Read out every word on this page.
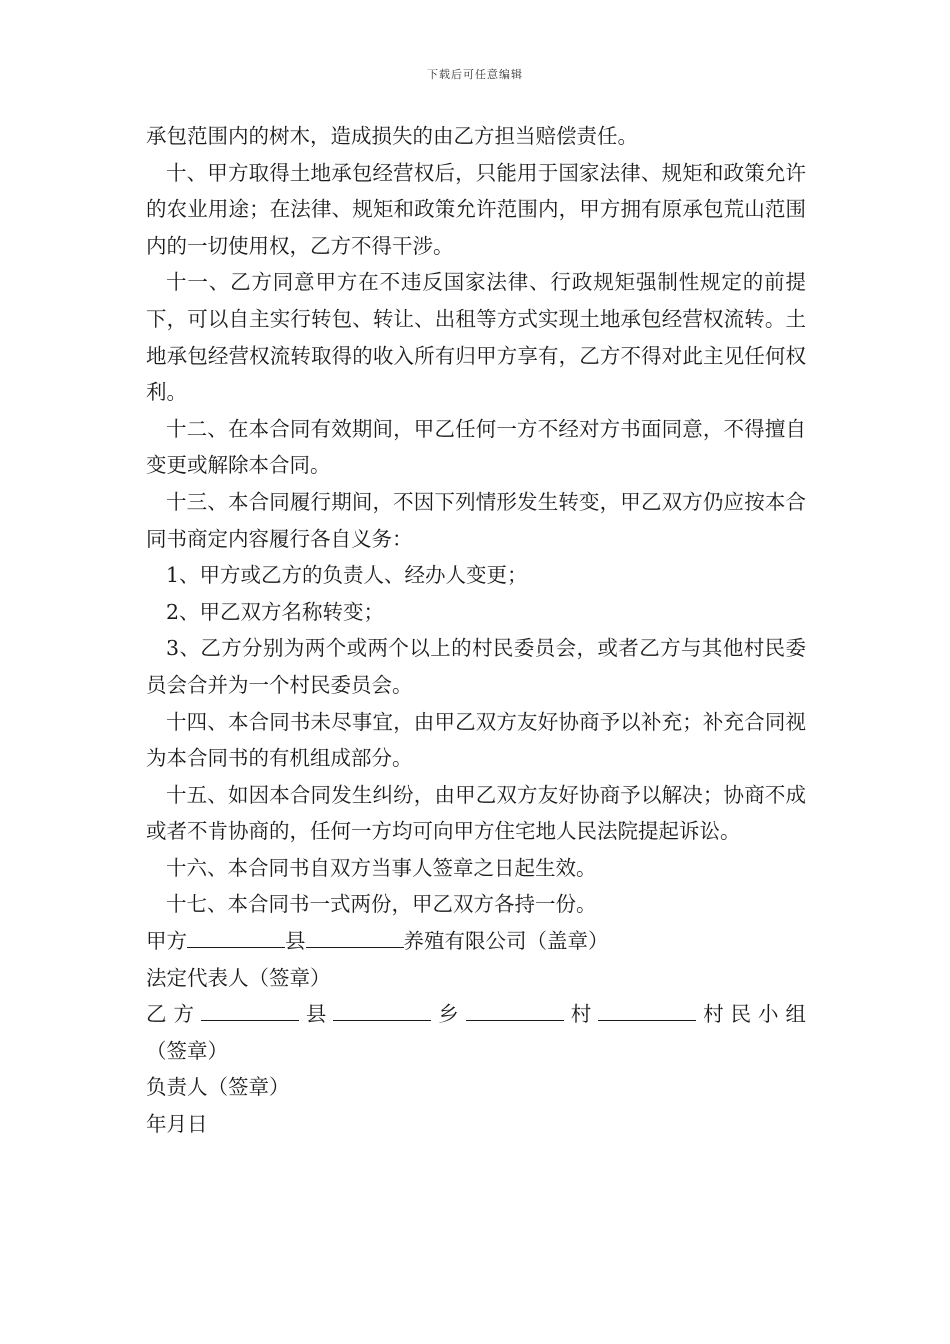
下载后可任意编辑

承包范围内的树木，造成损失的由乙方担当赔偿责任。

十、甲方取得土地承包经营权后，只能用于国家法律、规矩和政策允许的农业用途；在法律、规矩和政策允许范围内，甲方拥有原承包荒山范围内的一切使用权，乙方不得干涉。

十一、乙方同意甲方在不违反国家法律、行政规矩强制性规定的前提下，可以自主实行转包、转让、出租等方式实现土地承包经营权流转。土地承包经营权流转取得的收入所有归甲方享有，乙方不得对此主见任何权利。

十二、在本合同有效期间，甲乙任何一方不经对方书面同意，不得擅自变更或解除本合同。

十三、本合同履行期间，不因下列情形发生转变，甲乙双方仍应按本合同书商定内容履行各自义务：

1、甲方或乙方的负责人、经办人变更；

2、甲乙双方名称转变；

3、乙方分别为两个或两个以上的村民委员会，或者乙方与其他村民委员会合并为一个村民委员会。

十四、本合同书未尽事宜，由甲乙双方友好协商予以补充；补充合同视为本合同书的有机组成部分。

十五、如因本合同发生纠纷，由甲乙双方友好协商予以解决；协商不成或者不肯协商的，任何一方均可向甲方住宅地人民法院提起诉讼。

十六、本合同书自双方当事人签章之日起生效。

十七、本合同书一式两份，甲乙双方各持一份。

甲方	县	养殖有限公司（盖章）

法定代表人（签章）

乙方	县	乡	村	村民小组

（签章）

负责人（签章）

年月日
